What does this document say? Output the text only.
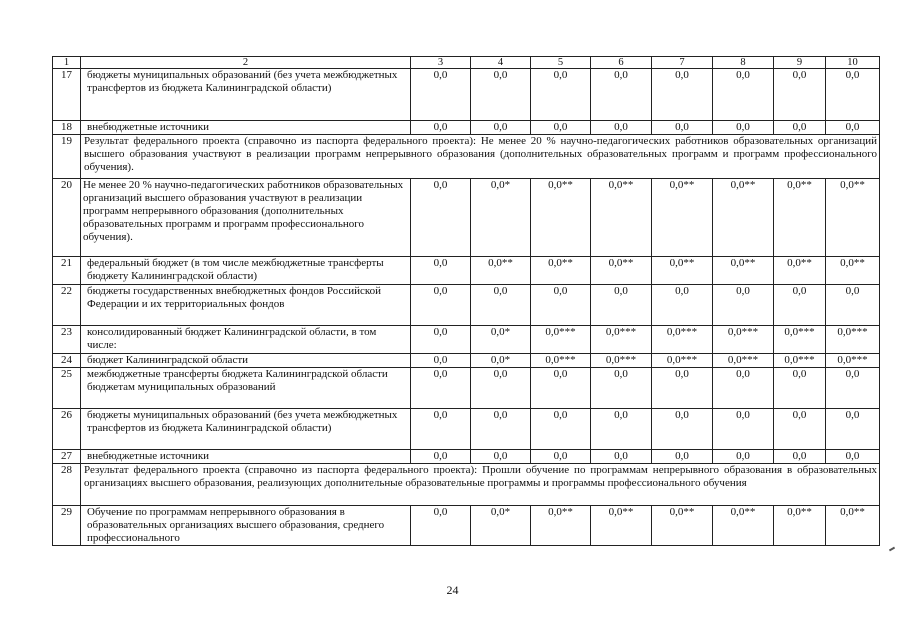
1	2	3	4	5	6	7	8	9	10
17	бюджеты муниципальных образований (без учета межбюджетных трансфертов из бюджета Калининградской области)	0,0	0,0	0,0	0,0	0,0	0,0	0,0	0,0
18	внебюджетные источники	0,0	0,0	0,0	0,0	0,0	0,0	0,0	0,0
19	Результат федерального проекта (справочно из паспорта федерального проекта): Не менее 20 % научно-педагогических работников образовательных организаций высшего образования участвуют в реализации программ непрерывного образования (дополнительных образовательных программ и программ профессионального обучения).								
20	Не менее 20 % научно-педагогических работников образовательных организаций высшего образования участвуют в реализации программ непрерывного образования (дополнительных образовательных программ и программ профессионального обучения).	0,0	0,0*	0,0**	0,0**	0,0**	0,0**	0,0**	0,0**
21	федеральный бюджет (в том числе межбюджетные трансферты бюджету Калининградской области)	0,0	0,0**	0,0**	0,0**	0,0**	0,0**	0,0**	0,0**
22	бюджеты государственных внебюджетных фондов Российской Федерации и их территориальных фондов	0,0	0,0	0,0	0,0	0,0	0,0	0,0	0,0
23	консолидированный бюджет Калининградской области, в том числе:	0,0	0,0*	0,0***	0,0***	0,0***	0,0***	0,0***	0,0***
24	бюджет Калининградской области	0,0	0,0*	0,0***	0,0***	0,0***	0,0***	0,0***	0,0***
25	межбюджетные трансферты бюджета Калининградской области бюджетам муниципальных образований	0,0	0,0	0,0	0,0	0,0	0,0	0,0	0,0
26	бюджеты муниципальных образований (без учета межбюджетных трансфертов из бюджета Калининградской области)	0,0	0,0	0,0	0,0	0,0	0,0	0,0	0,0
27	внебюджетные источники	0,0	0,0	0,0	0,0	0,0	0,0	0,0	0,0
28	Результат федерального проекта (справочно из паспорта федерального проекта): Прошли обучение по программам непрерывного образования в образовательных организациях высшего образования, реализующих дополнительные образовательные программы и программы профессионального обучения								
29	Обучение по программам непрерывного образования в образовательных организациях высшего образования, среднего профессионального	0,0	0,0*	0,0**	0,0**	0,0**	0,0**	0,0**	0,0**
24
